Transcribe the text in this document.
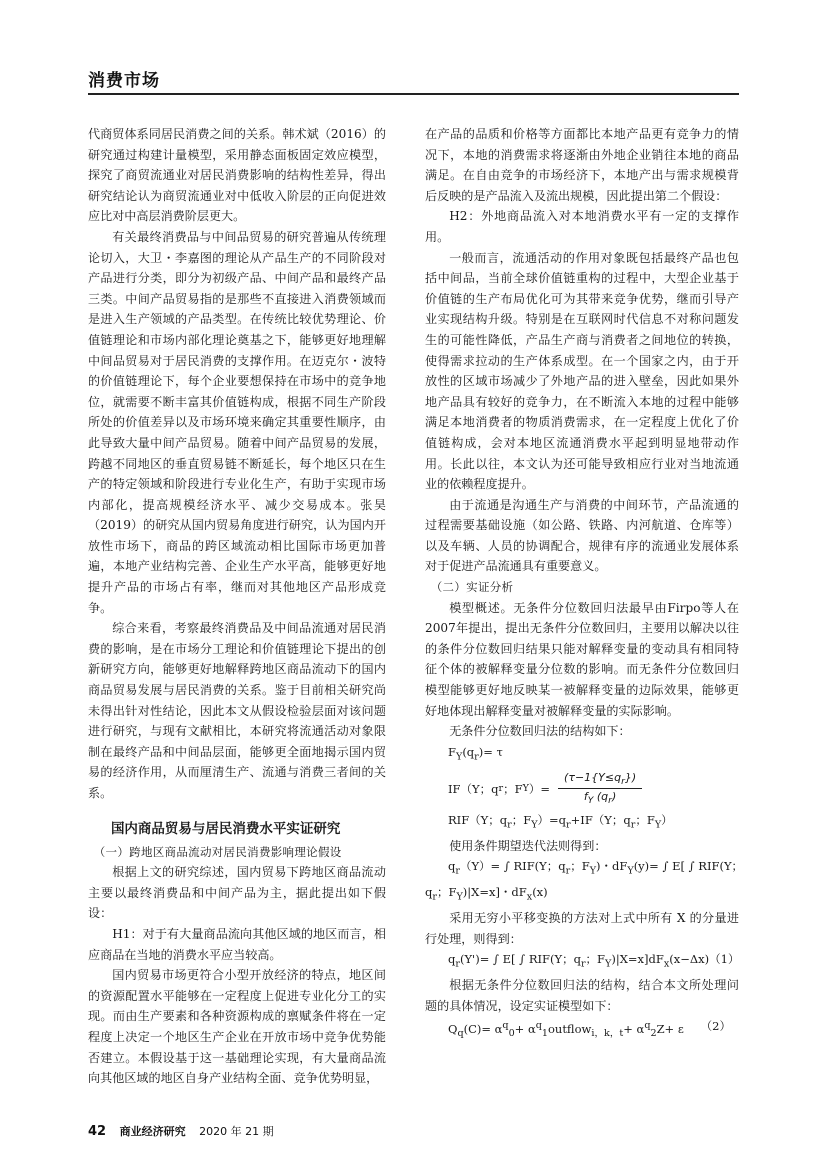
消费市场

代商贸体系同居民消费之间的关系。韩术斌（2016）的研究通过构建计量模型，采用静态面板固定效应模型，探究了商贸流通业对居民消费影响的结构性差异，得出研究结论认为商贸流通业对中低收入阶层的正向促进效应比对中高层消费阶层更大。

有关最终消费品与中间品贸易的研究普遍从传统理论切入，大卫・李嘉图的理论从产品生产的不同阶段对产品进行分类，即分为初级产品、中间产品和最终产品三类。中间产品贸易指的是那些不直接进入消费领域而是进入生产领域的产品类型。在传统比较优势理论、价值链理论和市场内部化理论奠基之下，能够更好地理解中间品贸易对于居民消费的支撑作用。在迈克尔・波特的价值链理论下，每个企业要想保持在市场中的竞争地位，就需要不断丰富其价值链构成，根据不同生产阶段所处的价值差异以及市场环境来确定其重要性顺序，由此导致大量中间产品贸易。随着中间产品贸易的发展，跨越不同地区的垂直贸易链不断延长，每个地区只在生产的特定领域和阶段进行专业化生产，有助于实现市场内部化，提高规模经济水平、减少交易成本。张昊（2019）的研究从国内贸易角度进行研究，认为国内开放性市场下，商品的跨区域流动相比国际市场更加普遍，本地产业结构完善、企业生产水平高，能够更好地提升产品的市场占有率，继而对其他地区产品形成竞争。

综合来看，考察最终消费品及中间品流通对居民消费的影响，是在市场分工理论和价值链理论下提出的创新研究方向，能够更好地解释跨地区商品流动下的国内商品贸易发展与居民消费的关系。鉴于目前相关研究尚未得出针对性结论，因此本文从假设检验层面对该问题进行研究，与现有文献相比，本研究将流通活动对象限制在最终产品和中间品层面，能够更全面地揭示国内贸易的经济作用，从而厘清生产、流通与消费三者间的关系。

国内商品贸易与居民消费水平实证研究

（一）跨地区商品流动对居民消费影响理论假设

根据上文的研究综述，国内贸易下跨地区商品流动主要以最终消费品和中间产品为主，据此提出如下假设：

H1：对于有大量商品流向其他区域的地区而言，相应商品在当地的消费水平应当较高。

国内贸易市场更符合小型开放经济的特点，地区间的资源配置水平能够在一定程度上促进专业化分工的实现。而由生产要素和各种资源构成的禀赋条件将在一定程度上决定一个地区生产企业在开放市场中竞争优势能否建立。本假设基于这一基础理论实现，有大量商品流向其他区域的地区自身产业结构全面、竞争优势明显，

在产品的品质和价格等方面都比本地产品更有竞争力的情况下，本地的消费需求将逐渐由外地企业销往本地的商品满足。在自由竞争的市场经济下，本地产出与需求规模背后反映的是产品流入及流出规模，因此提出第二个假设：

H2：外地商品流入对本地消费水平有一定的支撑作用。

一般而言，流通活动的作用对象既包括最终产品也包括中间品，当前全球价值链重构的过程中，大型企业基于价值链的生产布局优化可为其带来竞争优势，继而引导产业实现结构升级。特别是在互联网时代信息不对称问题发生的可能性降低，产品生产商与消费者之间地位的转换，使得需求拉动的生产体系成型。在一个国家之内，由于开放性的区域市场减少了外地产品的进入壁垒，因此如果外地产品具有较好的竞争力，在不断流入本地的过程中能够满足本地消费者的物质消费需求，在一定程度上优化了价值链构成，会对本地区流通消费水平起到明显地带动作用。长此以往，本文认为还可能导致相应行业对当地流通业的依赖程度提升。

由于流通是沟通生产与消费的中间环节，产品流通的过程需要基础设施（如公路、铁路、内河航道、仓库等）以及车辆、人员的协调配合，规律有序的流通业发展体系对于促进产品流通具有重要意义。

（二）实证分析

模型概述。无条件分位数回归法最早由Firpo等人在2007年提出，提出无条件分位数回归，主要用以解决以往的条件分位数回归结果只能对解释变量的变动具有相同特征个体的被解释变量分位数的影响。而无条件分位数回归模型能够更好地反映某一被解释变量的边际效果，能够更好地体现出解释变量对被解释变量的实际影响。

无条件分位数回归法的结构如下：

$F_Y(q_r)= \tau$
IF（Y；q r ；F Y ）= $\frac{(\tau-1\{Y\le q_r\})}{f_Y (q_r)}$
RIF（Y；$q_r$；$F_Y)=q_r+IF(Y$；$q_r$；$F_Y$）

使用条件期望迭代法则得到：

$q_r(Y)=$ ∫ RIF(Y；$q_r$；$F_Y$)・$dF_Y(y)=$ ∫ E[ ∫ RIF(Y；
$q_r$；$F_Y)|X=x$]・$dF_x(x)$

采用无穷小平移变换的方法对上式中所有 X 的分量进行处理，则得到：

$q_r(Y')=$ ∫ E[ ∫ RIF(Y；$q_r$；$F_Y)|X=x]dF_x(x-\Delta x)$ （1）

根据无条件分位数回归法的结构，结合本文所处理问题的具体情况，设定实证模型如下：

$Q_q(C)= \alpha^q_0+$ $\alpha^q_1outflow_{i,k,t}+ \alpha^q_2Z+ \varepsilon$ （2）
42 商业经济研究 2020 年 21 期
